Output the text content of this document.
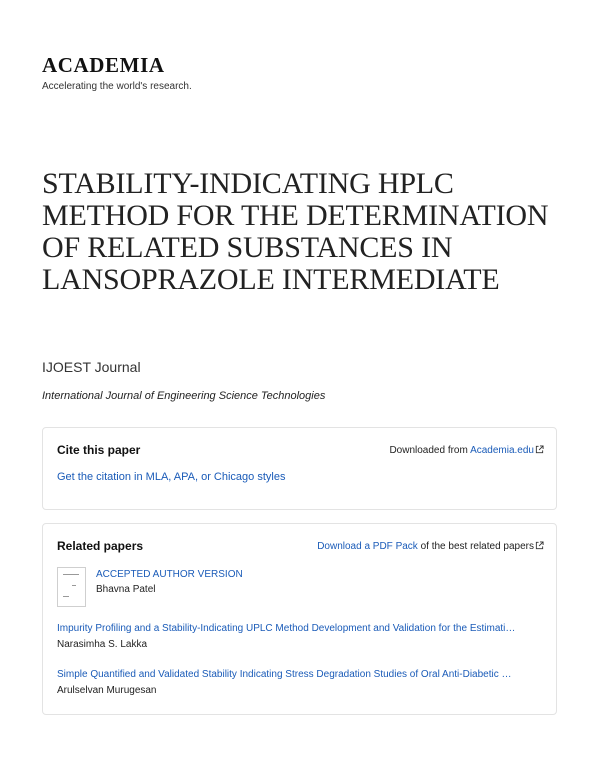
ACADEMIA
Accelerating the world's research.
STABILITY-INDICATING HPLC METHOD FOR THE DETERMINATION OF RELATED SUBSTANCES IN LANSOPRAZOLE INTERMEDIATE
IJOEST Journal
International Journal of Engineering Science Technologies
Cite this paper	Downloaded from Academia.edu
Get the citation in MLA, APA, or Chicago styles
Related papers	Download a PDF Pack of the best related papers
ACCEPTED AUTHOR VERSION
Bhavna Patel
Impurity Profiling and a Stability-Indicating UPLC Method Development and Validation for the Estimati…
Narasimha S. Lakka
Simple Quantified and Validated Stability Indicating Stress Degradation Studies of Oral Anti-Diabetic …
Arulselvan Murugesan
